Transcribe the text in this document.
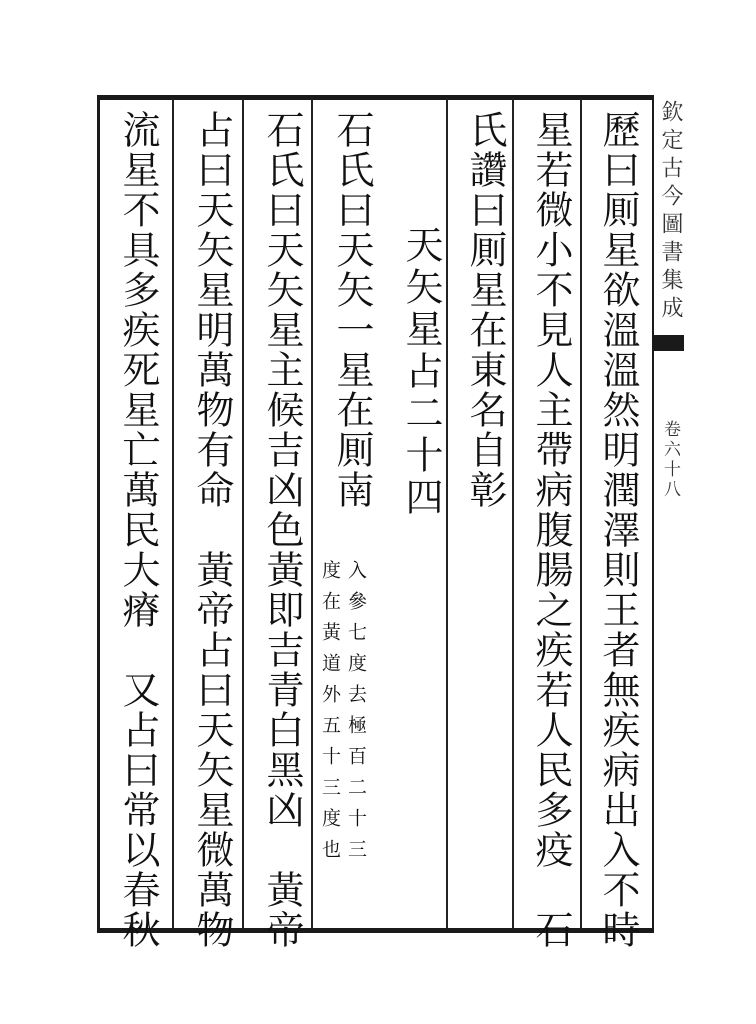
欽定古今圖書集成
卷六十八
歷曰厠星欲溫溫然明潤澤則王者無疾病出入不時
星若微小不見人主帶病腹腸之疾若人民多疫　石
氏讚曰厠星在東名自彰
天矢星占二十四
石氏曰天矢一星在厠南
入參七度去極百二十三
度在黃道外五十三度也
石氏曰天矢星主候吉凶色黃即吉青白黑凶　黃帝
占曰天矢星明萬物有命　黃帝占曰天矢星微萬物
流星不具多疾死星亡萬民大瘠　又占曰常以春秋
